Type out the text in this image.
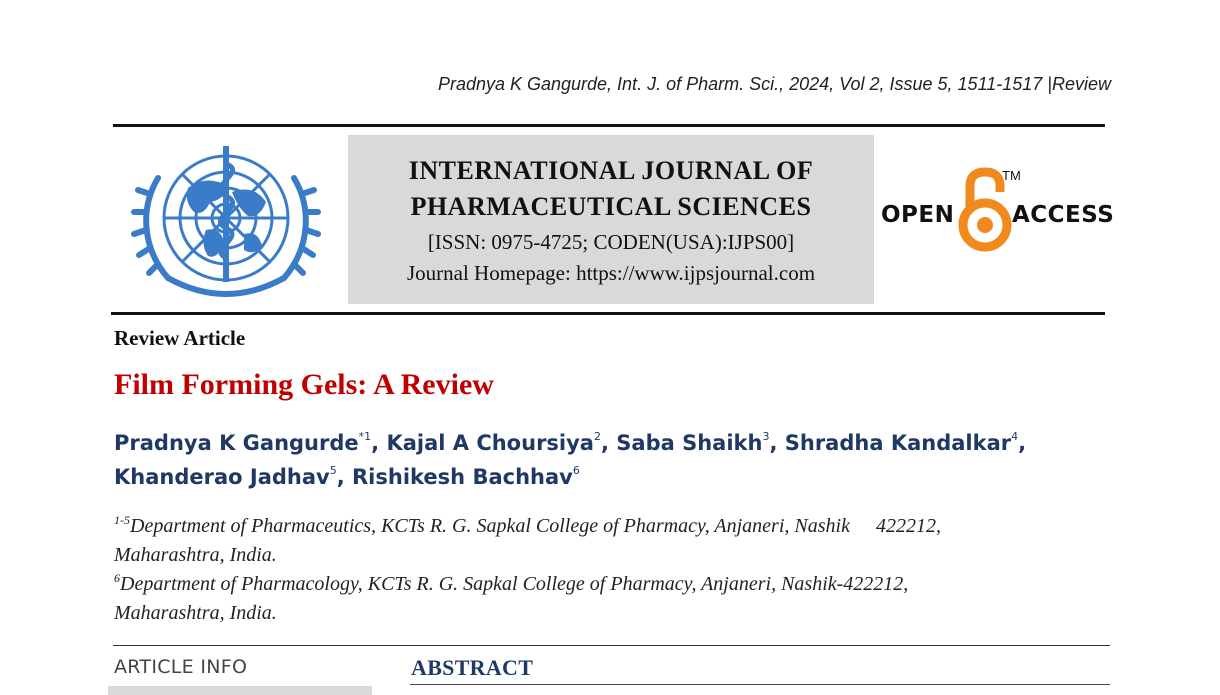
Pradnya K Gangurde, Int. J. of Pharm. Sci., 2024, Vol 2, Issue 5, 1511-1517 |Review
INTERNATIONAL JOURNAL OF
PHARMACEUTICAL SCIENCES
[ISSN: 0975-4725; CODEN(USA):IJPS00]
Journal Homepage: https://www.ijpsjournal.com
OPEN
TM
ACCESS
Review Article
Film Forming Gels: A Review
Pradnya K Gangurde$^{*1}$, Kajal A Choursiya$^2$, Saba Shaikh$^3$, Shradha Kandalkar$^4$,
Khanderao Jadhav$^5$, Rishikesh Bachhav$^6$
$^{1-5}$Department of Pharmaceutics, KCTs R. G. Sapkal College of Pharmacy, Anjaneri, Nashik 422212,
Maharashtra, India.
$^6$Department of Pharmacology, KCTs R. G. Sapkal College of Pharmacy, Anjaneri, Nashik-422212,
Maharashtra, India.
ARTICLE INFO	ABSTRACT
